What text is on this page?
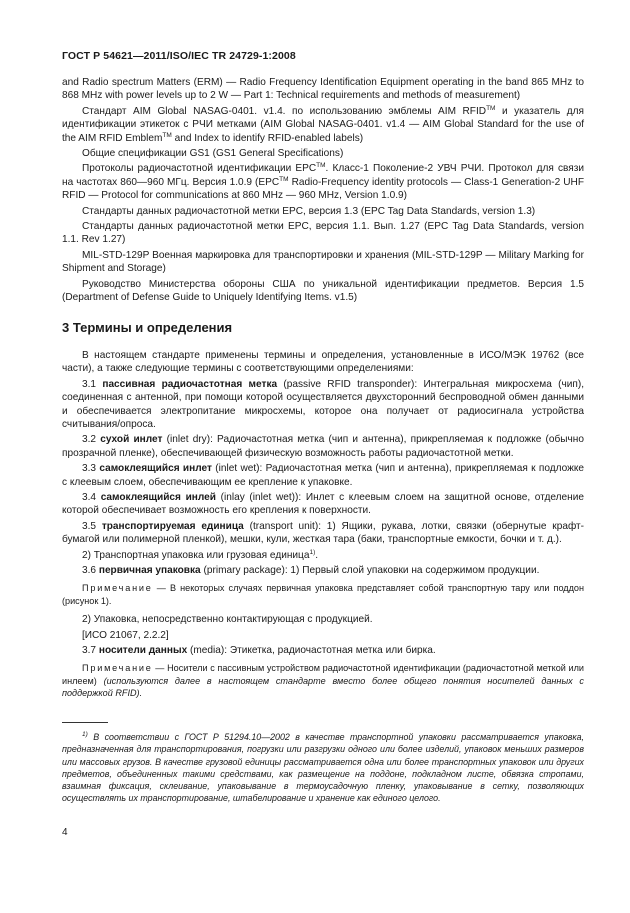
ГОСТ Р 54621—2011/ISO/IEC TR 24729-1:2008

and Radio spectrum Matters (ERM) — Radio Frequency Identification Equipment operating in the band 865 MHz to 868 MHz with power levels up to 2 W — Part 1: Technical requirements and methods of measurement)

Стандарт AIM Global NASAG-0401. v1.4. по использованию эмблемы AIM RFID™ и указатель для идентификации этикеток с РЧИ метками (AIM Global NASAG-0401. v1.4 — AIM Global Standard for the use of the AIM RFID Emblem™ and Index to identify RFID-enabled labels)

Общие спецификации GS1 (GS1 General Specifications)

Протоколы радиочастотной идентификации EPC™. Класс-1 Поколение-2 УВЧ РЧИ. Протокол для связи на частотах 860—960 МГц. Версия 1.0.9 (EPC™ Radio-Frequency identity protocols — Class-1 Generation-2 UHF RFID — Protocol for communications at 860 MHz — 960 MHz, Version 1.0.9)

Стандарты данных радиочастотной метки EPC, версия 1.3 (EPC Tag Data Standards, version 1.3)

Стандарты данных радиочастотной метки EPC, версия 1.1. Вып. 1.27 (EPC Tag Data Standards, version 1.1. Rev 1.27)

MIL-STD-129P Военная маркировка для транспортировки и хранения (MIL-STD-129P — Military Marking for Shipment and Storage)

Руководство Министерства обороны США по уникальной идентификации предметов. Версия 1.5 (Department of Defense Guide to Uniquely Identifying Items. v1.5)

3 Термины и определения

В настоящем стандарте применены термины и определения, установленные в ИСО/МЭК 19762 (все части), а также следующие термины с соответствующими определениями:

3.1 пассивная радиочастотная метка (passive RFID transponder): Интегральная микросхема (чип), соединенная с антенной, при помощи которой осуществляется двухсторонний беспроводной обмен данными и обеспечивается электропитание микросхемы, которое она получает от радиосигнала устройства считывания/опроса.

3.2 сухой инлет (inlet dry): Радиочастотная метка (чип и антенна), прикрепляемая к подложке (обычно прозрачной пленке), обеспечивающей физическую возможность работы радиочастотной метки.

3.3 самоклеящийся инлет (inlet wet): Радиочастотная метка (чип и антенна), прикрепляемая к подложке с клеевым слоем, обеспечивающим ее крепление к упаковке.

3.4 самоклеящийся инлей (inlay (inlet wet)): Инлет с клеевым слоем на защитной основе, отделение которой обеспечивает возможность его крепления к поверхности.

3.5 транспортируемая единица (transport unit): 1) Ящики, рукава, лотки, связки (обернутые крафт-бумагой или полимерной пленкой), мешки, кули, жесткая тара (баки, транспортные емкости, бочки и т. д.).

2) Транспортная упаковка или грузовая единица$^{1)}$.

3.6 первичная упаковка (primary package): 1) Первый слой упаковки на содержимом продукции.

Примечание — В некоторых случаях первичная упаковка представляет собой транспортную тару или поддон (рисунок 1).

2) Упаковка, непосредственно контактирующая с продукцией.

[ИСО 21067, 2.2.2]

3.7 носители данных (media): Этикетка, радиочастотная метка или бирка.

Примечание — Носители с пассивным устройством радиочастотной идентификации (радиочастотной меткой или инлеем) (используются далее в настоящем стандарте вместо более общего понятия носителей данных с поддержкой RFID).

$^{1)}$ В соответствии с ГОСТ Р 51294.10—2002 в качестве транспортной упаковки рассматривается упаковка, предназначенная для транспортирования, погрузки или разгрузки одного или более изделий, упаковок меньших размеров или массовых грузов. В качестве грузовой единицы рассматривается одна или более транспортных упаковок или других предметов, объединенных такими средствами, как размещение на поддоне, подкладном листе, обвязка стропами, взаимная фиксация, склеивание, упаковывание в термоусадочную пленку, упаковывание в сетку, позволяющих осуществлять их транспортирование, штабелирование и хранение как единого целого.
4
